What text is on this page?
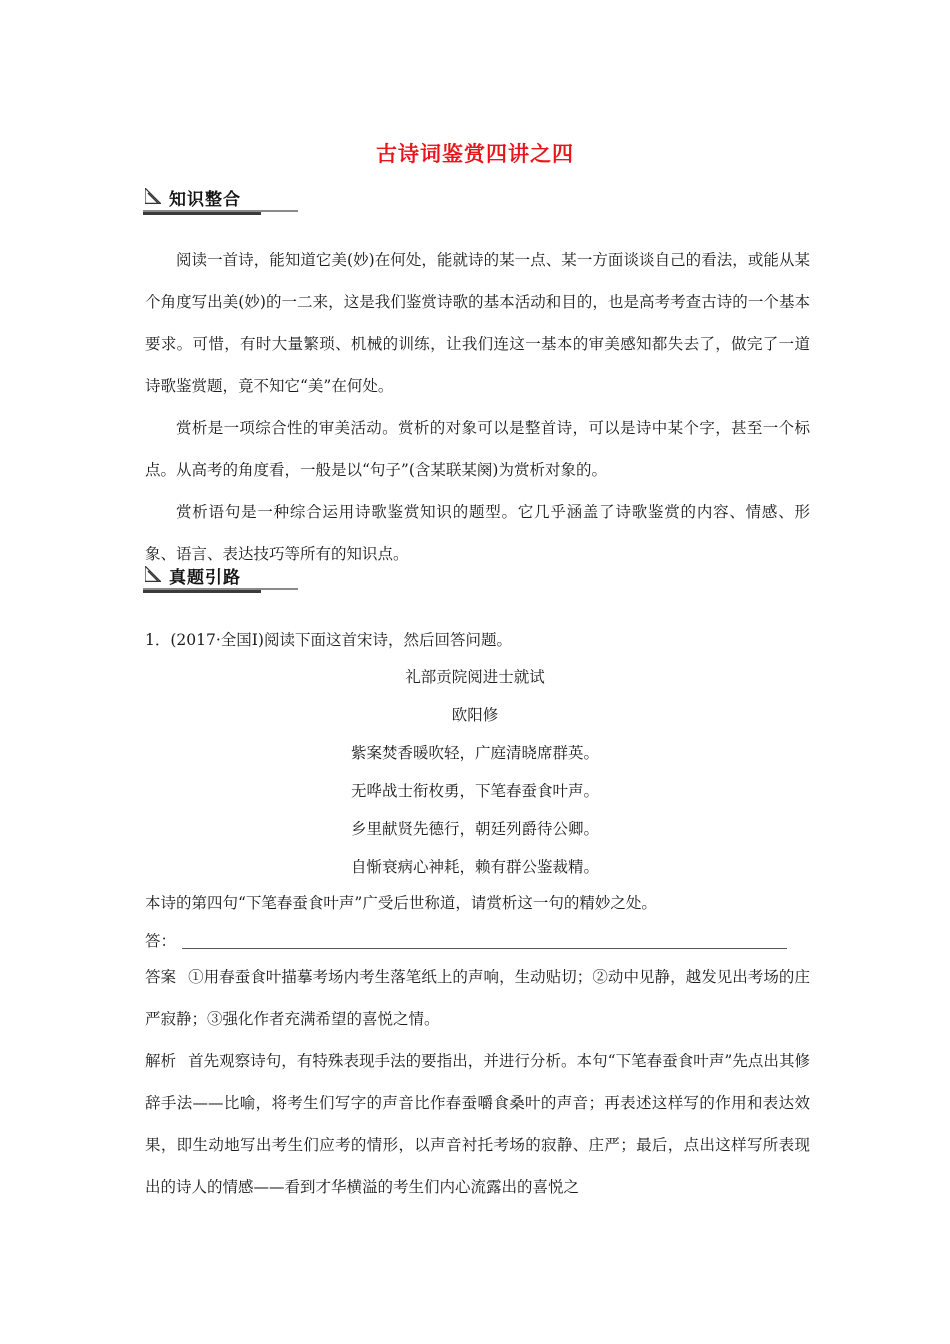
古诗词鉴赏四讲之四
知识整合
阅读一首诗，能知道它美(妙)在何处，能就诗的某一点、某一方面谈谈自己的看法，或能从某个角度写出美(妙)的一二来，这是我们鉴赏诗歌的基本活动和目的，也是高考考查古诗的一个基本要求。可惜，有时大量繁琐、机械的训练，让我们连这一基本的审美感知都失去了，做完了一道诗歌鉴赏题，竟不知它“美”在何处。
赏析是一项综合性的审美活动。赏析的对象可以是整首诗，可以是诗中某个字，甚至一个标点。从高考的角度看，一般是以“句子”(含某联某阕)为赏析对象的。
赏析语句是一种综合运用诗歌鉴赏知识的题型。它几乎涵盖了诗歌鉴赏的内容、情感、形象、语言、表达技巧等所有的知识点。
真题引路
1．(2017·全国Ⅰ)阅读下面这首宋诗，然后回答问题。
礼部贡院阅进士就试
欧阳修
紫案焚香暖吹轻，广庭清晓席群英。
无哗战士衔枚勇，下笔春蚕食叶声。
乡里献贤先德行，朝廷列爵待公卿。
自惭衰病心神耗，赖有群公鉴裁精。
本诗的第四句“下笔春蚕食叶声”广受后世称道，请赏析这一句的精妙之处。
答：
答案 ①用春蚕食叶描摹考场内考生落笔纸上的声响，生动贴切；②动中见静，越发见出考场的庄严寂静；③强化作者充满希望的喜悦之情。
解析 首先观察诗句，有特殊表现手法的要指出，并进行分析。本句“下笔春蚕食叶声”先点出其修辞手法——比喻，将考生们写字的声音比作春蚕嚼食桑叶的声音；再表述这样写的作用和表达效果，即生动地写出考生们应考的情形，以声音衬托考场的寂静、庄严；最后，点出这样写所表现出的诗人的情感——看到才华横溢的考生们内心流露出的喜悦之
